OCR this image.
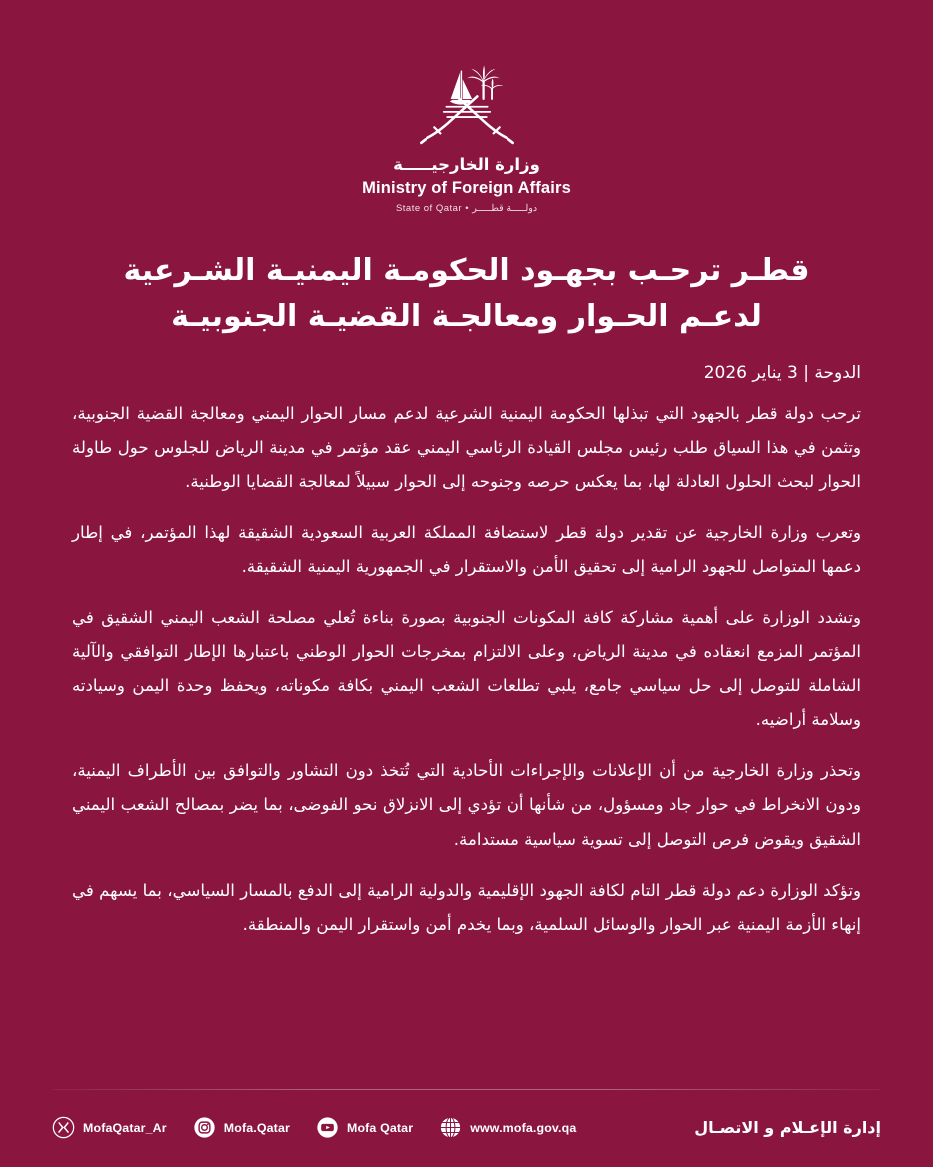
وزارة الخارجيـــــة
Ministry of Foreign Affairs
State of Qatar • دولـــــة قطـــــر
قطـر ترحـب بجهـود الحكومـة اليمنيـة الشـرعية لدعـم الحـوار ومعالجـة القضيـة الجنوبيـة
الدوحة | 3 يناير 2026

ترحب دولة قطر بالجهود التي تبذلها الحكومة اليمنية الشرعية لدعم مسار الحوار اليمني ومعالجة القضية الجنوبية، وتثمن في هذا السياق طلب رئيس مجلس القيادة الرئاسي اليمني عقد مؤتمر في مدينة الرياض للجلوس حول طاولة الحوار لبحث الحلول العادلة لها، بما يعكس حرصه وجنوحه إلى الحوار سبيلاً لمعالجة القضايا الوطنية.

وتعرب وزارة الخارجية عن تقدير دولة قطر لاستضافة المملكة العربية السعودية الشقيقة لهذا المؤتمر، في إطار دعمها المتواصل للجهود الرامية إلى تحقيق الأمن والاستقرار في الجمهورية اليمنية الشقيقة.

وتشدد الوزارة على أهمية مشاركة كافة المكونات الجنوبية بصورة بناءة تُعلي مصلحة الشعب اليمني الشقيق في المؤتمر المزمع انعقاده في مدينة الرياض، وعلى الالتزام بمخرجات الحوار الوطني باعتبارها الإطار التوافقي والآلية الشاملة للتوصل إلى حل سياسي جامع، يلبي تطلعات الشعب اليمني بكافة مكوناته، ويحفظ وحدة اليمن وسيادته وسلامة أراضيه.

وتحذر وزارة الخارجية من أن الإعلانات والإجراءات الأحادية التي تُتخذ دون التشاور والتوافق بين الأطراف اليمنية، ودون الانخراط في حوار جاد ومسؤول، من شأنها أن تؤدي إلى الانزلاق نحو الفوضى، بما يضر بمصالح الشعب اليمني الشقيق ويقوض فرص التوصل إلى تسوية سياسية مستدامة.

وتؤكد الوزارة دعم دولة قطر التام لكافة الجهود الإقليمية والدولية الرامية إلى الدفع بالمسار السياسي، بما يسهم في إنهاء الأزمة اليمنية عبر الحوار والوسائل السلمية، وبما يخدم أمن واستقرار اليمن والمنطقة.

MofaQatar_Ar	Mofa.Qatar	Mofa Qatar	www.mofa.gov.qa	إدارة الإعـلام و الاتصـال
